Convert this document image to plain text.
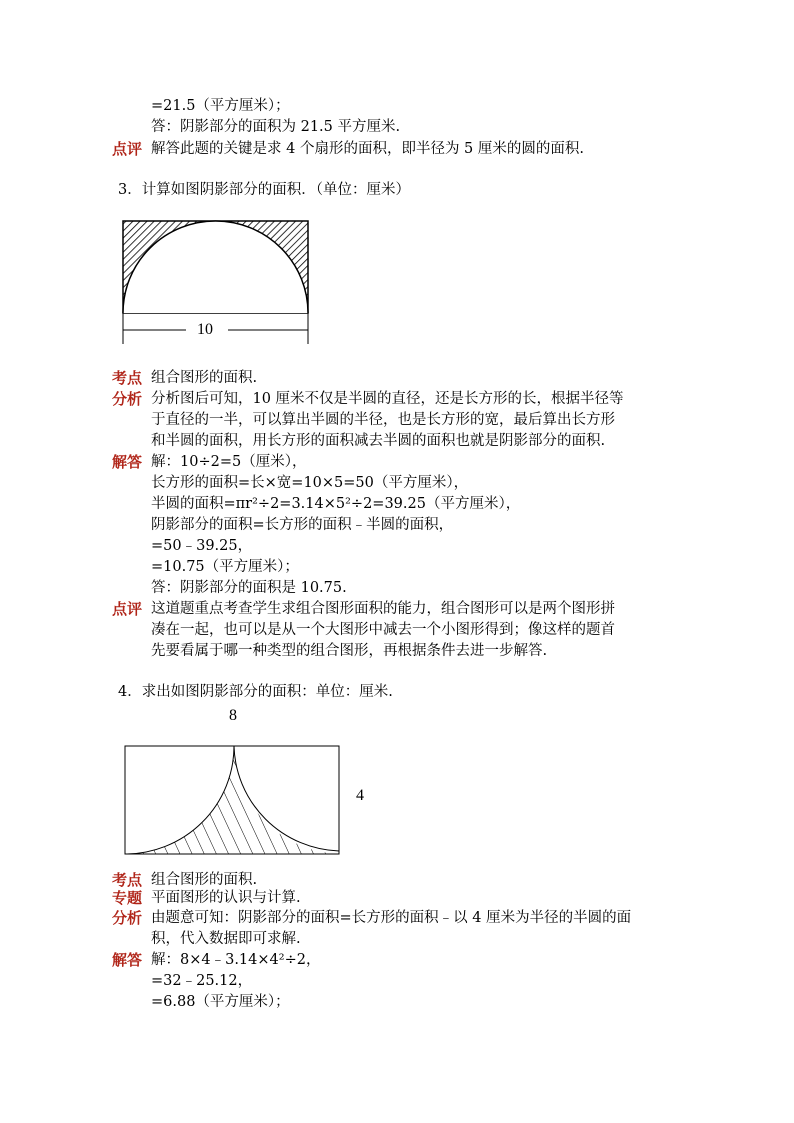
=21.5（平方厘米）；
答：阴影部分的面积为 21.5 平方厘米.
点评 解答此题的关键是求 4 个扇形的面积，即半径为 5 厘米的圆的面积.
3．计算如图阴影部分的面积．（单位：厘米）
10
考点 组合图形的面积.
分析 分析图后可知，10 厘米不仅是半圆的直径，还是长方形的长，根据半径等
于直径的一半，可以算出半圆的半径，也是长方形的宽，最后算出长方形
和半圆的面积，用长方形的面积减去半圆的面积也就是阴影部分的面积.
解答 解：10÷2=5（厘米），
长方形的面积=长×宽=10×5=50（平方厘米），
半圆的面积=πr²÷2=3.14×5²÷2=39.25（平方厘米），
阴影部分的面积=长方形的面积﹣半圆的面积，
=50﹣39.25，
=10.75（平方厘米）；
答：阴影部分的面积是 10.75.
点评 这道题重点考查学生求组合图形面积的能力，组合图形可以是两个图形拼
凑在一起，也可以是从一个大图形中减去一个小图形得到；像这样的题首
先要看属于哪一种类型的组合图形，再根据条件去进一步解答.
4．求出如图阴影部分的面积：单位：厘米.
8
4
考点 组合图形的面积.
专题 平面图形的认识与计算.
分析 由题意可知：阴影部分的面积=长方形的面积﹣以 4 厘米为半径的半圆的面
积，代入数据即可求解.
解答 解：8×4﹣3.14×4²÷2，
=32﹣25.12，
=6.88（平方厘米）；
